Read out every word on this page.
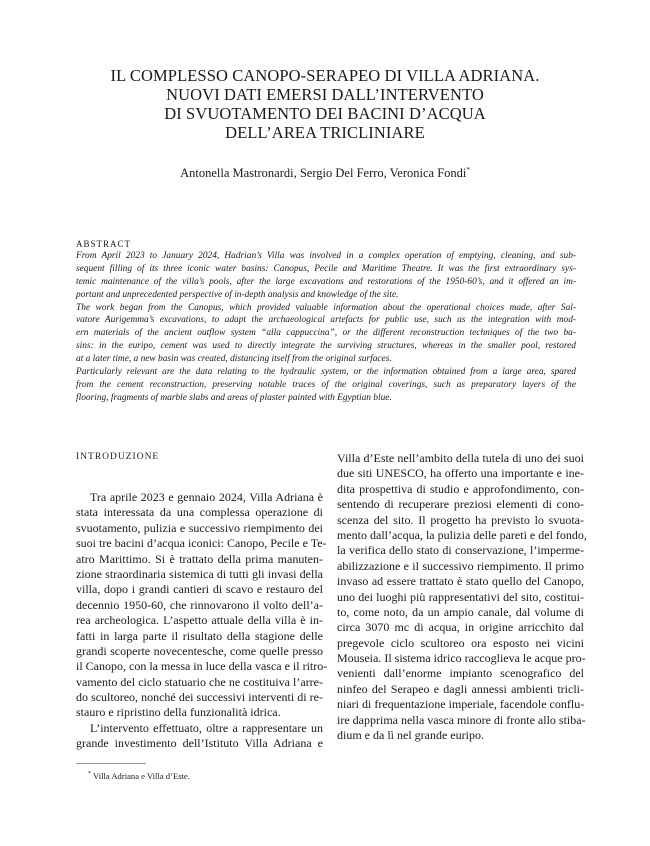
IL COMPLESSO CANOPO-SERAPEO DI VILLA ADRIANA.
NUOVI DATI EMERSI DALL’INTERVENTO
DI SVUOTAMENTO DEI BACINI D’ACQUA
DELL’AREA TRICLINIARE
Antonella Mastronardi, Sergio Del Ferro, Veronica Fondi*
ABSTRACT
From April 2023 to January 2024, Hadrian’s Villa was involved in a complex operation of emptying, cleaning, and sub-
sequent filling of its three iconic water basins: Canopus, Pecile and Maritime Theatre. It was the first extraordinary sys-
temic maintenance of the villa’s pools, after the large excavations and restorations of the 1950-60’s, and it offered an im-
portant and unprecedented perspective of in-depth analysis and knowledge of the site.
The work began from the Canopus, which provided valuable information about the operational choices made, after Sal-
vatore Aurigemma’s excavations, to adapt the archaeological artefacts for public use, such as the integration with mod-
ern materials of the ancient outflow system “alla cappuccina”, or the different reconstruction techniques of the two ba-
sins: in the euripo, cement was used to directly integrate the surviving structures, whereas in the smaller pool, restored
at a later time, a new basin was created, distancing itself from the original surfaces.
Particularly relevant are the data relating to the hydraulic system, or the information obtained from a large area, spared
from the cement reconstruction, preserving notable traces of the original coverings, such as preparatory layers of the
flooring, fragments of marble slabs and areas of plaster painted with Egyptian blue.
INTRODUZIONE
Tra aprile 2023 e gennaio 2024, Villa Adriana è
stata interessata da una complessa operazione di
svuotamento, pulizia e successivo riempimento dei
suoi tre bacini d’acqua iconici: Canopo, Pecile e Te-
atro Marittimo. Si è trattato della prima manuten-
zione straordinaria sistemica di tutti gli invasi della
villa, dopo i grandi cantieri di scavo e restauro del
decennio 1950-60, che rinnovarono il volto dell’a-
rea archeologica. L’aspetto attuale della villa è in-
fatti in larga parte il risultato della stagione delle
grandi scoperte novecentesche, come quelle presso
il Canopo, con la messa in luce della vasca e il ritro-
vamento del ciclo statuario che ne costituiva l’arre-
do scultoreo, nonché dei successivi interventi di re-
stauro e ripristino della funzionalità idrica.
L’intervento effettuato, oltre a rappresentare un
grande investimento dell’Istituto Villa Adriana e
Villa d’Este nell’ambito della tutela di uno dei suoi
due siti UNESCO, ha offerto una importante e ine-
dita prospettiva di studio e approfondimento, con-
sentendo di recuperare preziosi elementi di cono-
scenza del sito. Il progetto ha previsto lo svuota-
mento dall’acqua, la pulizia delle pareti e del fondo,
la verifica dello stato di conservazione, l’imperme-
abilizzazione e il successivo riempimento. Il primo
invaso ad essere trattato è stato quello del Canopo,
uno dei luoghi più rappresentativi del sito, costitui-
to, come noto, da un ampio canale, dal volume di
circa 3070 mc di acqua, in origine arricchito dal
pregevole ciclo scultoreo ora esposto nei vicini
Mouseia. Il sistema idrico raccoglieva le acque pro-
venienti dall’enorme impianto scenografico del
ninfeo del Serapeo e dagli annessi ambienti tricli-
niari di frequentazione imperiale, facendole conflu-
ire dapprima nella vasca minore di fronte allo stiba-
dium e da lì nel grande euripo.
* Villa Adriana e Villa d’Este.
